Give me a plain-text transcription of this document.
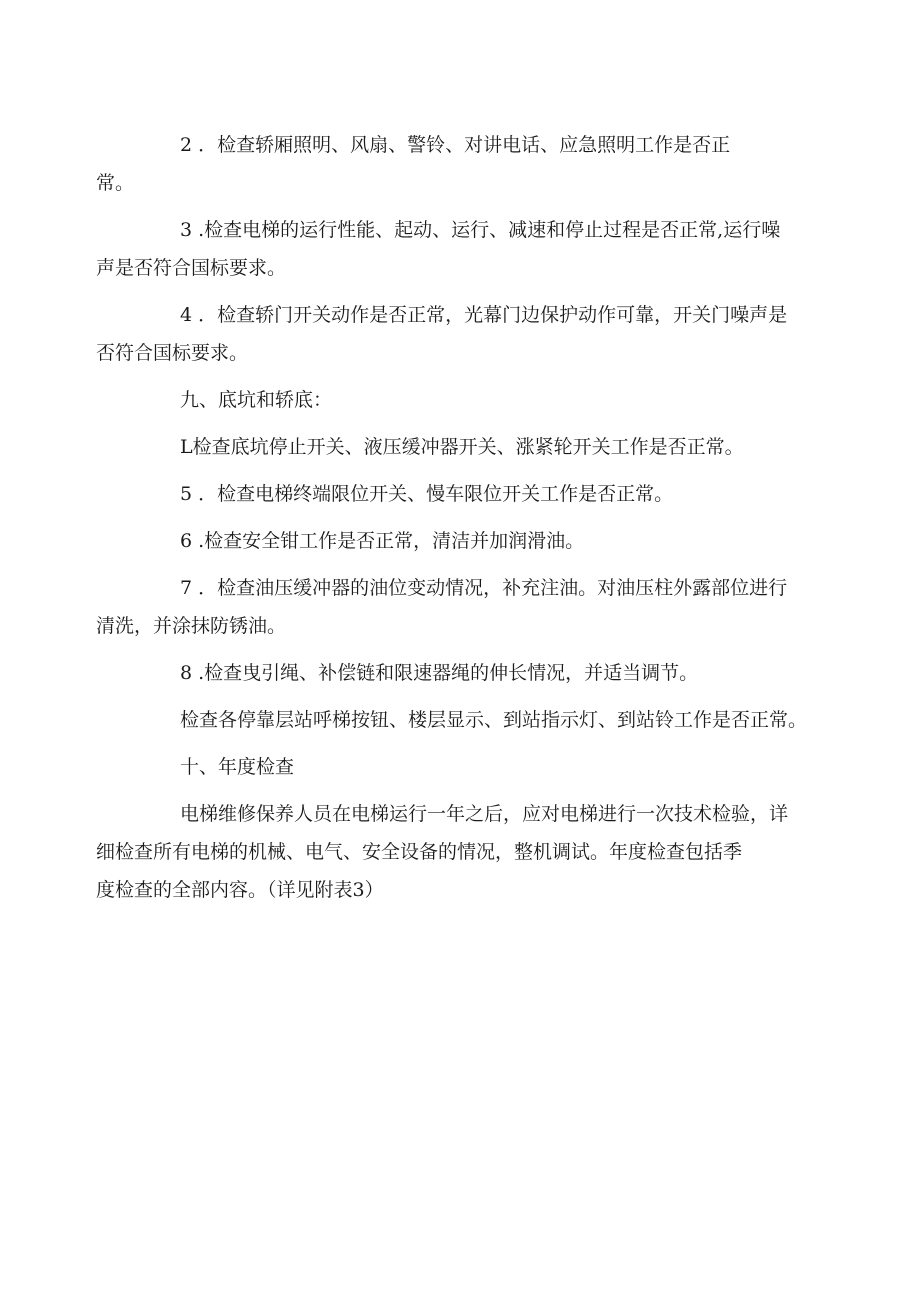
2 ．检查轿厢照明、风扇、警铃、对讲电话、应急照明工作是否正
常。

3 .检查电梯的运行性能、起动、运行、减速和停止过程是否正常,运行噪
声是否符合国标要求。

4 ．检查轿门开关动作是否正常，光幕门边保护动作可靠，开关门噪声是
否符合国标要求。

九、底坑和轿底：

L检查底坑停止开关、液压缓冲器开关、涨紧轮开关工作是否正常。

5 ．检查电梯终端限位开关、慢车限位开关工作是否正常。

6 .检查安全钳工作是否正常，清洁并加润滑油。

7 ．检查油压缓冲器的油位变动情况，补充注油。对油压柱外露部位进行
清洗，并涂抹防锈油。

8 .检查曳引绳、补偿链和限速器绳的伸长情况，并适当调节。

检查各停靠层站呼梯按钮、楼层显示、到站指示灯、到站铃工作是否正常。

十、年度检查

电梯维修保养人员在电梯运行一年之后，应对电梯进行一次技术检验，详
细检查所有电梯的机械、电气、安全设备的情况，整机调试。年度检查包括季
度检查的全部内容。（详见附表3）
